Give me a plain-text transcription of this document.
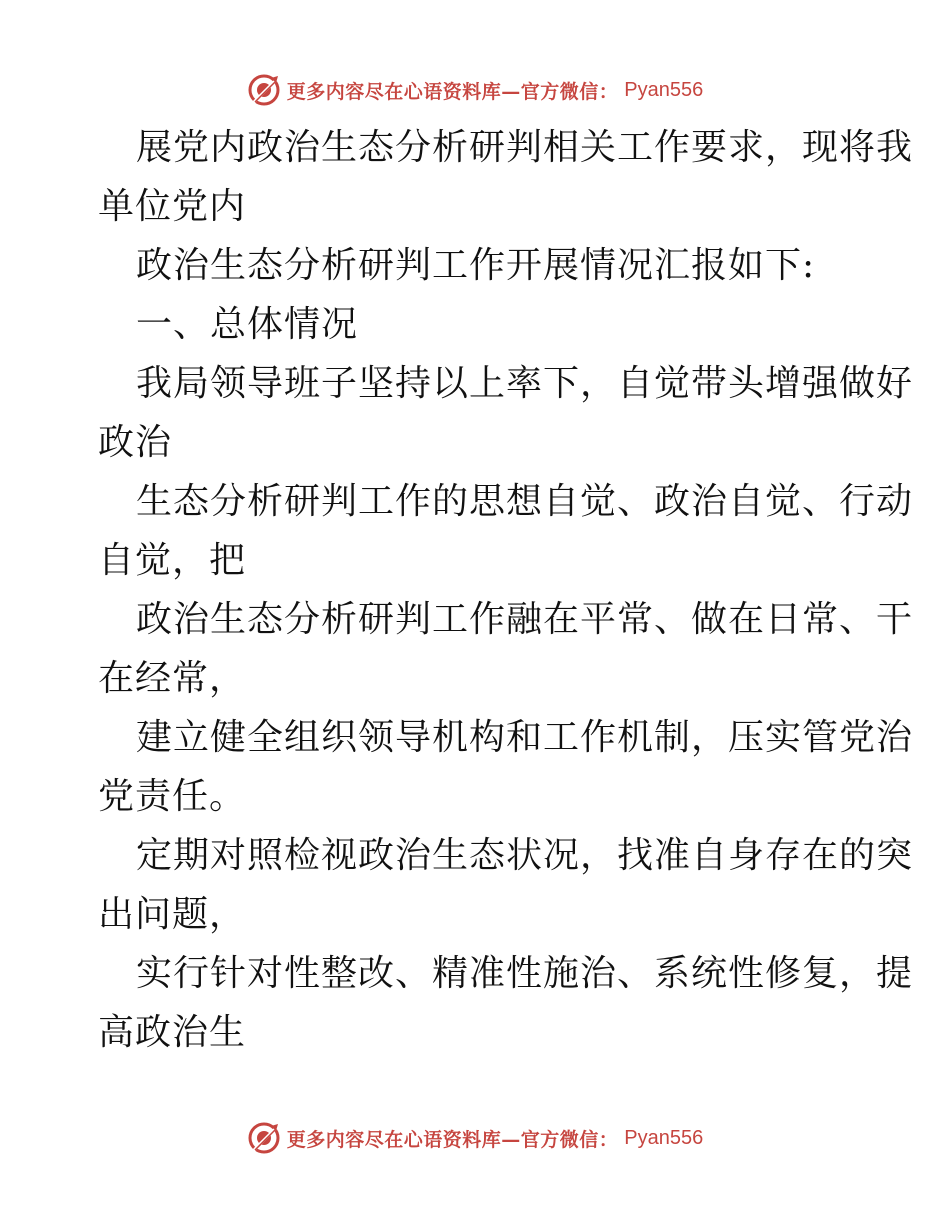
更多内容尽在心语资料库—官方微信： Pyan556
展党内政治生态分析研判相关工作要求，现将我
单位党内
政治生态分析研判工作开展情况汇报如下:
一、总体情况
我局领导班子坚持以上率下，自觉带头增强做好
政治
生态分析研判工作的思想自觉、政治自觉、行动
自觉，把
政治生态分析研判工作融在平常、做在日常、干
在经常，
建立健全组织领导机构和工作机制，压实管党治
党责任。
定期对照检视政治生态状况，找准自身存在的突
出问题，
实行针对性整改、精准性施治、系统性修复，提
高政治生
更多内容尽在心语资料库—官方微信： Pyan556
